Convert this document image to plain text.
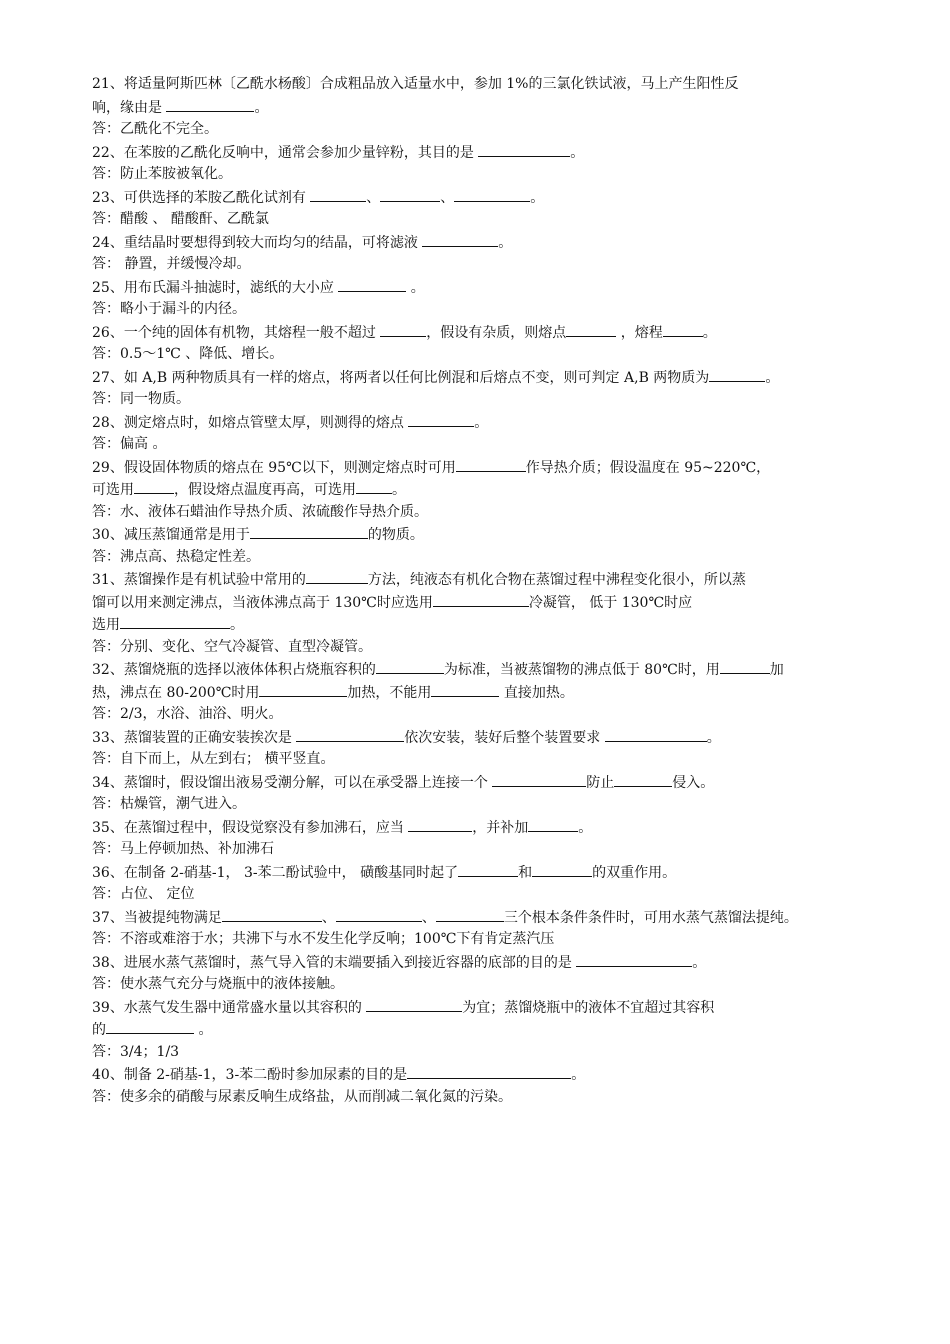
21、将适量阿斯匹林〔乙酰水杨酸〕合成粗品放入适量水中，参加 1%的三氯化铁试液，马上产生阳性反
响，缘由是	。
答：乙酰化不完全。
22、在苯胺的乙酰化反响中，通常会参加少量锌粉，其目的是	。
答：防止苯胺被氧化。
23、可供选择的苯胺乙酰化试剂有	、	、	。
答：醋酸 、 醋酸酐、乙酰氯
24、重结晶时要想得到较大而均匀的结晶，可将滤液	。
答： 静置，并缓慢冷却。
25、用布氏漏斗抽滤时，滤纸的大小应	。
答：略小于漏斗的内径。
26、一个纯的固体有机物，其熔程一般不超过	，假设有杂质，则熔点	，熔程	。
答：0.5～1℃ 、降低、增长。
27、如 A,B 两种物质具有一样的熔点，将两者以任何比例混和后熔点不变，则可判定 A,B 两物质为	。
答：同一物质。
28、测定熔点时，如熔点管壁太厚，则测得的熔点	。
答：偏高 。
29、假设固体物质的熔点在 95℃以下，则测定熔点时可用	作导热介质；假设温度在 95~220℃，
可选用	，假设熔点温度再高，可选用	。
答：水、液体石蜡油作导热介质、浓硫酸作导热介质。
30、减压蒸馏通常是用于	的物质。
答：沸点高、热稳定性差。
31、蒸馏操作是有机试验中常用的	方法，纯液态有机化合物在蒸馏过程中沸程变化很小，所以蒸
馏可以用来测定沸点，当液体沸点高于 130℃时应选用	冷凝管， 低于 130℃时应
选用	。
答：分别、变化、空气冷凝管、直型冷凝管。
32、蒸馏烧瓶的选择以液体体积占烧瓶容积的	为标准，当被蒸馏物的沸点低于 80℃时，用	加
热，沸点在 80-200℃时用	加热，不能用	直接加热。
答：2/3，水浴、油浴、明火。
33、蒸馏装置的正确安装挨次是	依次安装，装好后整个装置要求	。
答：自下而上，从左到右； 横平竖直。
34、蒸馏时，假设馏出液易受潮分解，可以在承受器上连接一个	防止	侵入。
答：枯燥管，潮气进入。
35、在蒸馏过程中，假设觉察没有参加沸石，应当	，并补加	。
答：马上停顿加热、补加沸石
36、在制备 2-硝基-1， 3-苯二酚试验中， 磺酸基同时起了	和	的双重作用。
答：占位、 定位
37、当被提纯物满足	、	、	三个根本条件条件时，可用水蒸气蒸馏法提纯。
答：不溶或难溶于水；共沸下与水不发生化学反响；100℃下有肯定蒸汽压
38、进展水蒸气蒸馏时，蒸气导入管的末端要插入到接近容器的底部的目的是	。
答：使水蒸气充分与烧瓶中的液体接触。
39、水蒸气发生器中通常盛水量以其容积的	为宜；蒸馏烧瓶中的液体不宜超过其容积
的	。
答：3/4；1/3
40、制备 2-硝基-1，3-苯二酚时参加尿素的目的是	。
答：使多余的硝酸与尿素反响生成络盐，从而削减二氧化氮的污染。
